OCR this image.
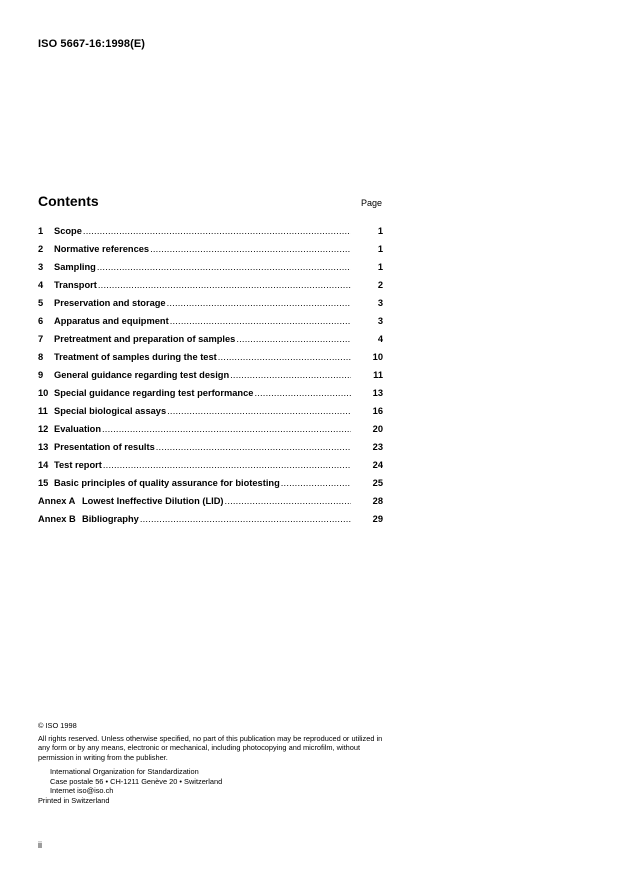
ISO 5667-16:1998(E)
Contents	Page
1	Scope .....	1
2	Normative references .....	1
3	Sampling .....	1
4	Transport .....	2
5	Preservation and storage .....	3
6	Apparatus and equipment .....	3
7	Pretreatment and preparation of samples .....	4
8	Treatment of samples during the test .....	10
9	General guidance regarding test design .....	11
10 Special guidance regarding test performance .....	13
11 Special biological assays .....	16
12 Evaluation .....	20
13 Presentation of results .....	23
14 Test report .....	24
15 Basic principles of quality assurance for biotesting .....	25
Annex A Lowest Ineffective Dilution (LID) .....	28
Annex B Bibliography .....	29

© ISO 1998

All rights reserved. Unless otherwise specified, no part of this publication may be reproduced or utilized in any form or by any means, electronic or mechanical, including photocopying and microfilm, without permission in writing from the publisher.

International Organization for Standardization

Case postale 56 • CH-1211 Genève 20 • Switzerland

Internet iso@iso.ch

Printed in Switzerland

ii
